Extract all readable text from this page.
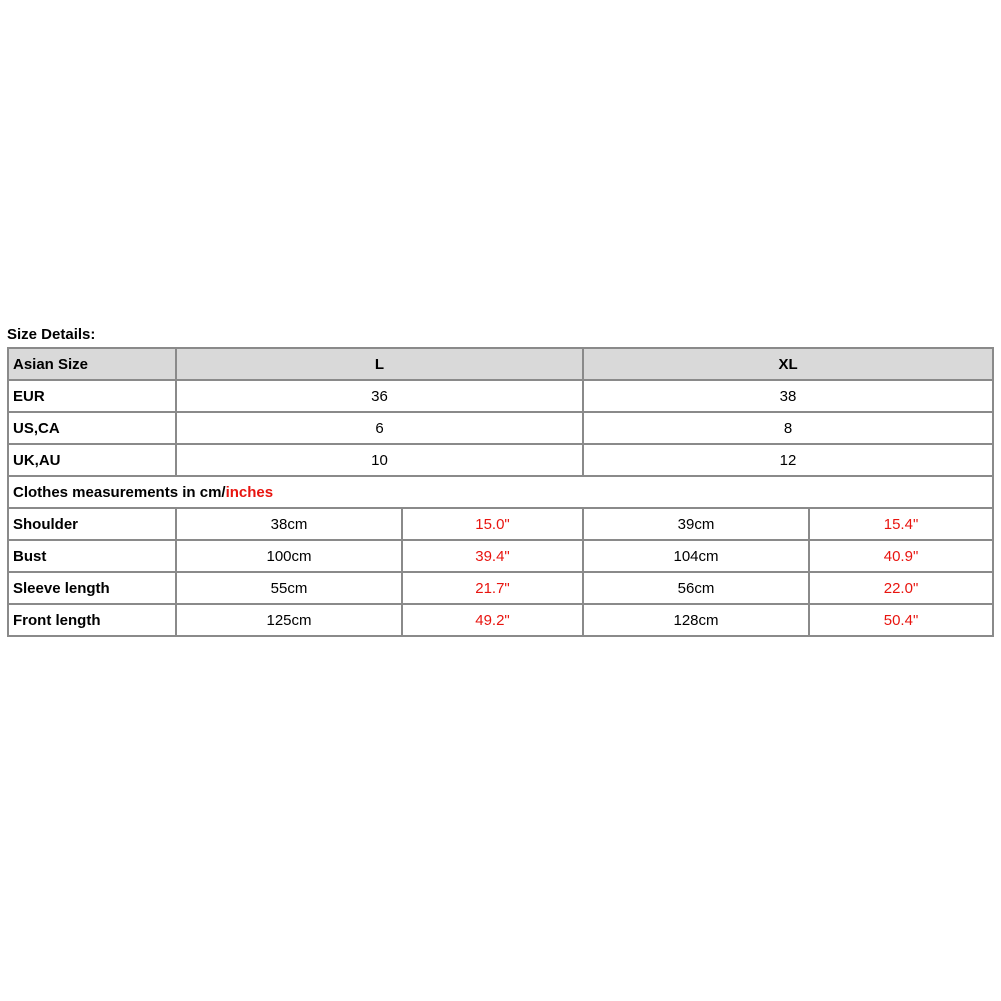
Size Details:
Asian Size	L		XL	
EUR	36		38	
US,CA	6		8	
UK,AU	10		12	
Clothes measurements in cm/inches				
Shoulder	38cm	15.0"	39cm	15.4"
Bust	100cm	39.4"	104cm	40.9"
Sleeve length	55cm	21.7"	56cm	22.0"
Front length	125cm	49.2"	128cm	50.4"
